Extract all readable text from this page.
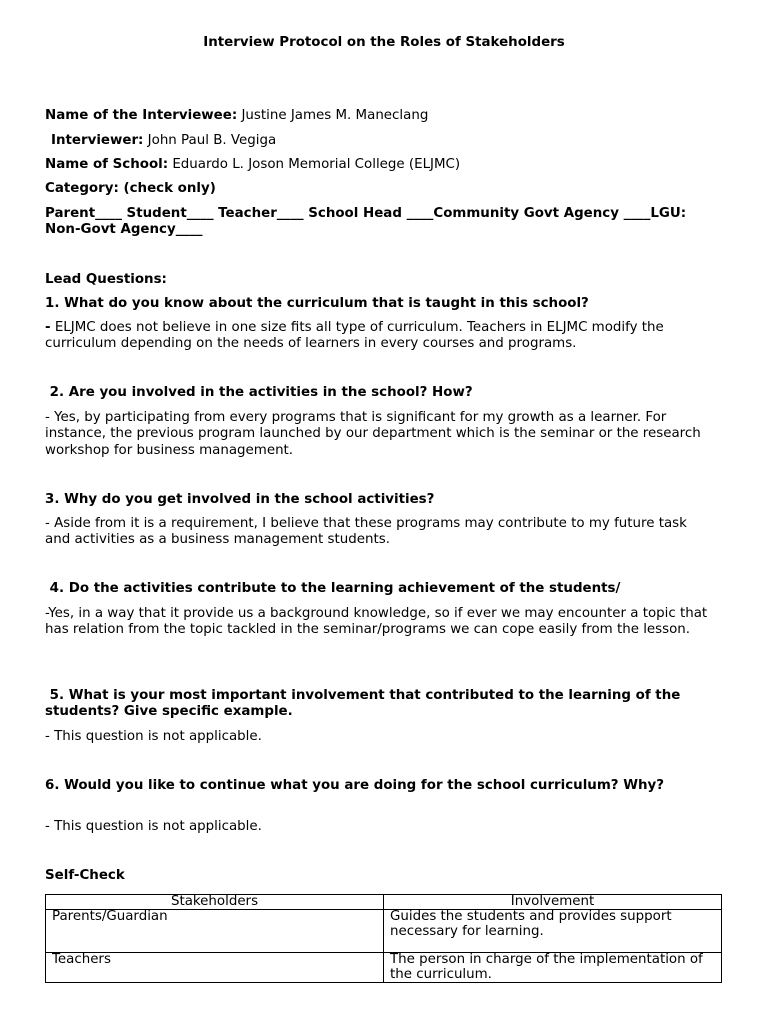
Interview Protocol on the Roles of Stakeholders
Name of the Interviewee: Justine James M. Maneclang
Interviewer: John Paul B. Vegiga
Name of School: Eduardo L. Joson Memorial College (ELJMC)
Category: (check only)
Parent____ Student____ Teacher____ School Head ____Community Govt Agency ____LGU: Non-Govt Agency____
Lead Questions:
1. What do you know about the curriculum that is taught in this school?
- ELJMC does not believe in one size fits all type of curriculum. Teachers in ELJMC modify the curriculum depending on the needs of learners in every courses and programs.
2. Are you involved in the activities in the school? How?
- Yes, by participating from every programs that is significant for my growth as a learner. For instance, the previous program launched by our department which is the seminar or the research workshop for business management.
3. Why do you get involved in the school activities?
- Aside from it is a requirement, I believe that these programs may contribute to my future task and activities as a business management students.
4. Do the activities contribute to the learning achievement of the students/
-Yes, in a way that it provide us a background knowledge, so if ever we may encounter a topic that has relation from the topic tackled in the seminar/programs we can cope easily from the lesson.
5. What is your most important involvement that contributed to the learning of the students? Give specific example.
- This question is not applicable.
6. Would you like to continue what you are doing for the school curriculum? Why?
- This question is not applicable.
Self-Check
Stakeholders	Involvement
Parents/Guardian	Guides the students and provides support necessary for learning.
Teachers	The person in charge of the implementation of the curriculum.
